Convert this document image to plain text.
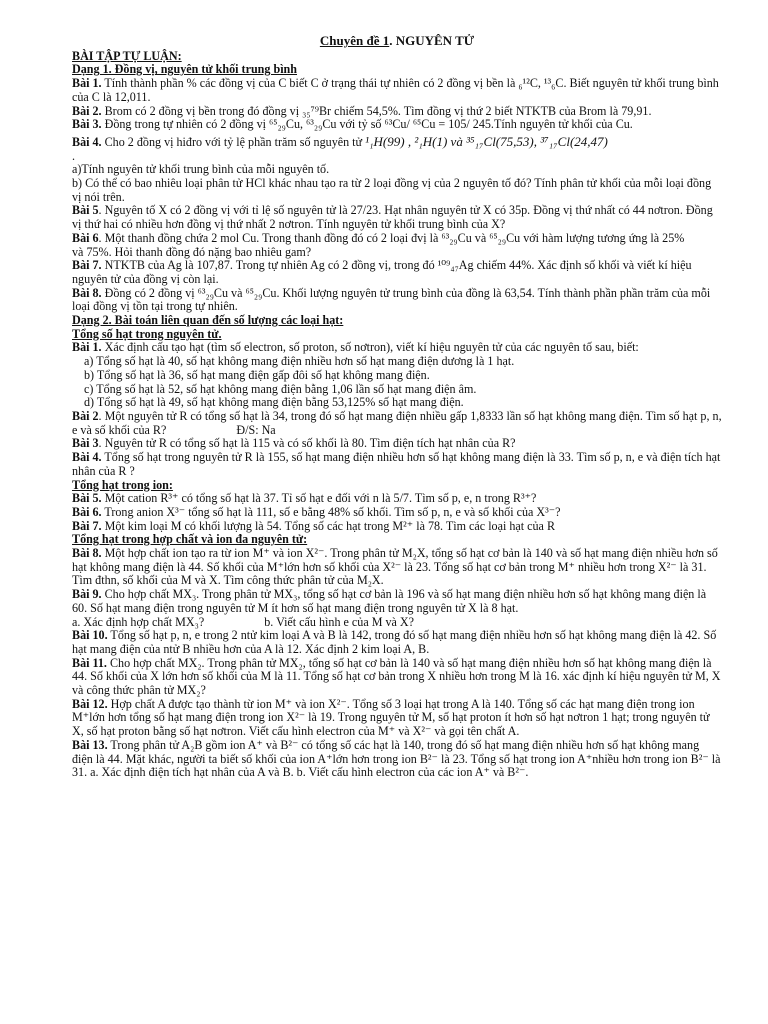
Chuyên đề 1. NGUYÊN TỬ

BÀI TẬP TỰ LUẬN:

Dạng 1. Đồng vị, nguyên tử khối trung bình

Bài 1. Tính thành phần % các đồng vị của C biết C ở trạng thái tự nhiên có 2 đồng vị bền là ₆¹²C, ¹³₆C. Biết nguyên tử khối trung bình của C là 12,011.

Bài 2. Brom có 2 đồng vị bền trong đó đồng vị ₃₅⁷⁹Br chiếm 54,5%. Tìm đồng vị thứ 2 biết NTKTB của Brom là 79,91.

Bài 3. Đồng trong tự nhiên có 2 đồng vị ⁶⁵₂₉Cu, ⁶³₂₉Cu với tỷ số ⁶³Cu/ ⁶⁵Cu = 105/ 245.Tính nguyên tử khối của Cu.

Bài 4. Cho 2 đồng vị hiđro với tỷ lệ phần trăm số nguyên tử ¹₁H(99) , ²₁H(1) và ³⁵₁₇Cl(75,53), ³⁷₁₇Cl(24,47)

.

a)Tính nguyên tử khối trung bình của mỗi nguyên tố.

b) Có thể có bao nhiêu loại phân tử HCl khác nhau tạo ra từ 2 loại đồng vị của 2 nguyên tố đó? Tính phân tử khối của mỗi loại đồng vị nói trên.

Bài 5. Nguyên tố X có 2 đồng vị với tỉ lệ số nguyên tử là 27/23. Hạt nhân nguyên tử X có 35p. Đồng vị thứ nhất có 44 nơtron. Đồng vị thứ hai có nhiều hơn đồng vị thứ nhất 2 nơtron. Tính nguyên tử khối trung bình của X?

Bài 6. Một thanh đồng chứa 2 mol Cu. Trong thanh đồng đó có 2 loại đvị là ⁶³₂₉Cu và ⁶⁵₂₉Cu với hàm lượng tương ứng là 25%

và 75%. Hỏi thanh đồng đó nặng bao nhiêu gam?

Bài 7. NTKTB của Ag là 107,87. Trong tự nhiên Ag có 2 đồng vị, trong đó ¹⁰⁹₄₇Ag chiếm 44%. Xác định số khối và viết kí hiệu nguyên tử của đồng vị còn lại.

Bài 8. Đồng có 2 đồng vị ⁶³₂₉Cu và ⁶⁵₂₉Cu. Khối lượng nguyên tử trung bình của đồng là 63,54. Tính thành phần phần trăm của mỗi loại đồng vị tồn tại trong tự nhiên.

Dạng 2. Bài toán liên quan đến số lượng các loại hạt:

Tổng số hạt trong nguyên tử.

Bài 1. Xác định cấu tạo hạt (tìm số electron, số proton, số nơtron), viết kí hiệu nguyên tử của các nguyên tố sau, biết:

a) Tổng số hạt là 40, số hạt không mang điện nhiều hơn số hạt mang điện dương là 1 hạt.

b) Tổng số hạt là 36, số hạt mang điện gấp đôi số hạt không mang điện.

c) Tổng số hạt là 52, số hạt không mang điện bằng 1,06 lần số hạt mang điện âm.

d) Tổng số hạt là 49, số hạt không mang điện bằng 53,125% số hạt mang điện.

Bài 2. Một nguyên tử R có tổng số hạt là 34, trong đó số hạt mang điện nhiều gấp 1,8333 lần số hạt không mang điện. Tìm số hạt p, n, e và số khối của R?	Đ/S: Na

Bài 3. Nguyên tử R có tổng số hạt là 115 và có số khối là 80. Tìm điện tích hạt nhân của R?

Bài 4. Tổng số hạt trong nguyên tử R là 155, số hạt mang điện nhiều hơn số hạt không mang điện là 33. Tìm số p, n, e và điện tích hạt nhân của R ?

Tổng hạt trong ion:

Bài 5. Một cation R³⁺ có tổng số hạt là 37. Tỉ số hạt e đối với n là 5/7. Tìm số p, e, n trong R³⁺?

Bài 6. Trong anion X³⁻ tổng số hạt là 111, số e bằng 48% số khối. Tìm số p, n, e và số khối của X³⁻?

Bài 7. Một kim loại M có khối lượng là 54. Tổng số các hạt trong M²⁺ là 78. Tìm các loại hạt của R

Tổng hạt trong hợp chất và ion đa nguyên tử:

Bài 8. Một hợp chất ion tạo ra từ ion M⁺ và ion X²⁻. Trong phân tử M₂X, tổng số hạt cơ bản là 140 và số hạt mang điện nhiều hơn số hạt không mang điện là 44. Số khối của M⁺lớn hơn số khối của X²⁻ là 23. Tổng số hạt cơ bản trong M⁺ nhiều hơn trong X²⁻ là 31. Tìm đthn, số khối của M và X. Tìm công thức phân tử của M₂X.

Bài 9. Cho hợp chất MX₃. Trong phân tử MX₃, tổng số hạt cơ bản là 196 và số hạt mang điện nhiều hơn số hạt không mang điện là 60. Số hạt mang điện trong nguyên tử M ít hơn số hạt mang điện trong nguyên tử X là 8 hạt.

a. Xác định hợp chất MX₃?	b. Viết cấu hình e của M và X?

Bài 10. Tổng số hạt p, n, e trong 2 ntử kim loại A và B là 142, trong đó số hạt mang điện nhiều hơn số hạt không mang điện là 42. Số hạt mang điện của ntử B nhiều hơn của A là 12. Xác định 2 kim loại A, B.

Bài 11. Cho hợp chất MX₂. Trong phân tử MX₂, tổng số hạt cơ bản là 140 và số hạt mang điện nhiều hơn số hạt không mang điện là 44. Số khối của X lớn hơn số khối của M là 11. Tổng số hạt cơ bản trong X nhiều hơn trong M là 16. xác định kí hiệu nguyên tử M, X và công thức phân tử MX₂?

Bài 12. Hợp chất A được tạo thành từ ion M⁺ và ion X²⁻. Tổng số 3 loại hạt trong A là 140. Tổng số các hạt mang điện trong ion M⁺lớn hơn tổng số hạt mang điện trong ion X²⁻ là 19. Trong nguyên tử M, số hạt proton ít hơn số hạt nơtron 1 hạt; trong nguyên tử X, số hạt proton bằng số hạt nơtron. Viết cấu hình electron của M⁺ và X²⁻ và gọi tên chất A.

Bài 13. Trong phân tử A₂B gồm ion A⁺ và B²⁻ có tổng số các hạt là 140, trong đó số hạt mang điện nhiều hơn số hạt không mang điện là 44. Mặt khác, người ta biết số khối của ion A⁺lớn hơn trong ion B²⁻ là 23. Tổng số hạt trong ion A⁺nhiều hơn trong ion B²⁻ là 31. a. Xác định điện tích hạt nhân của A và B. b. Viết cấu hình electron của các ion A⁺ và B²⁻.
